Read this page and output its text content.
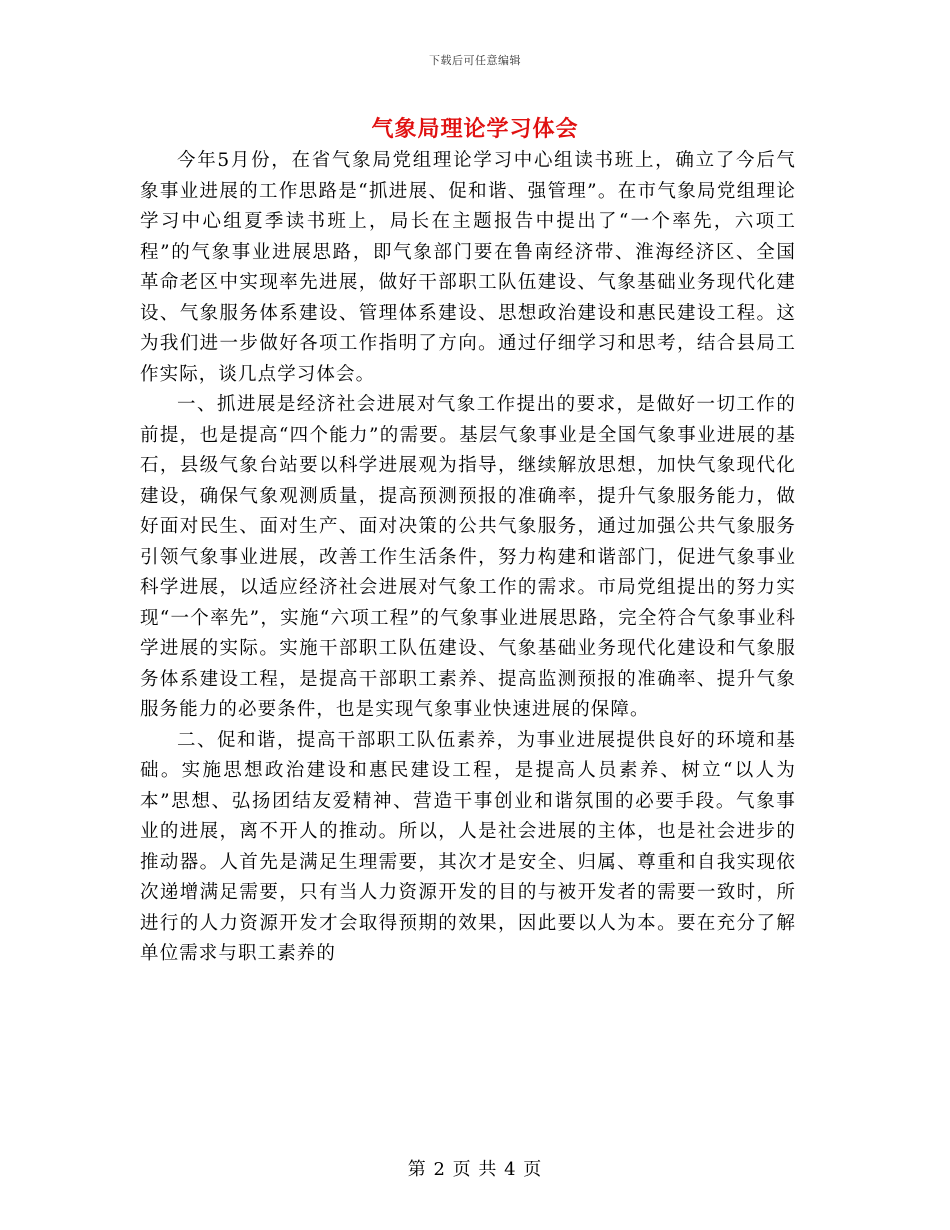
下载后可任意编辑
气象局理论学习体会

今年5月份，在省气象局党组理论学习中心组读书班上，确立了今后气象事业进展的工作思路是“抓进展、促和谐、强管理”。在市气象局党组理论学习中心组夏季读书班上，局长在主题报告中提出了“一个率先，六项工程”的气象事业进展思路，即气象部门要在鲁南经济带、淮海经济区、全国革命老区中实现率先进展，做好干部职工队伍建设、气象基础业务现代化建设、气象服务体系建设、管理体系建设、思想政治建设和惠民建设工程。这为我们进一步做好各项工作指明了方向。通过仔细学习和思考，结合县局工作实际，谈几点学习体会。

一、抓进展是经济社会进展对气象工作提出的要求，是做好一切工作的前提，也是提高“四个能力”的需要。基层气象事业是全国气象事业进展的基石，县级气象台站要以科学进展观为指导，继续解放思想，加快气象现代化建设，确保气象观测质量，提高预测预报的准确率，提升气象服务能力，做好面对民生、面对生产、面对决策的公共气象服务，通过加强公共气象服务引领气象事业进展，改善工作生活条件，努力构建和谐部门，促进气象事业科学进展，以适应经济社会进展对气象工作的需求。市局党组提出的努力实现“一个率先”，实施“六项工程”的气象事业进展思路，完全符合气象事业科学进展的实际。实施干部职工队伍建设、气象基础业务现代化建设和气象服务体系建设工程，是提高干部职工素养、提高监测预报的准确率、提升气象服务能力的必要条件，也是实现气象事业快速进展的保障。

二、促和谐，提高干部职工队伍素养，为事业进展提供良好的环境和基础。实施思想政治建设和惠民建设工程，是提高人员素养、树立“以人为本”思想、弘扬团结友爱精神、营造干事创业和谐氛围的必要手段。气象事业的进展，离不开人的推动。所以，人是社会进展的主体，也是社会进步的推动器。人首先是满足生理需要，其次才是安全、归属、尊重和自我实现依次递增满足需要，只有当人力资源开发的目的与被开发者的需要一致时，所进行的人力资源开发才会取得预期的效果，因此要以人为本。要在充分了解单位需求与职工素养的

第 2 页 共 4 页
